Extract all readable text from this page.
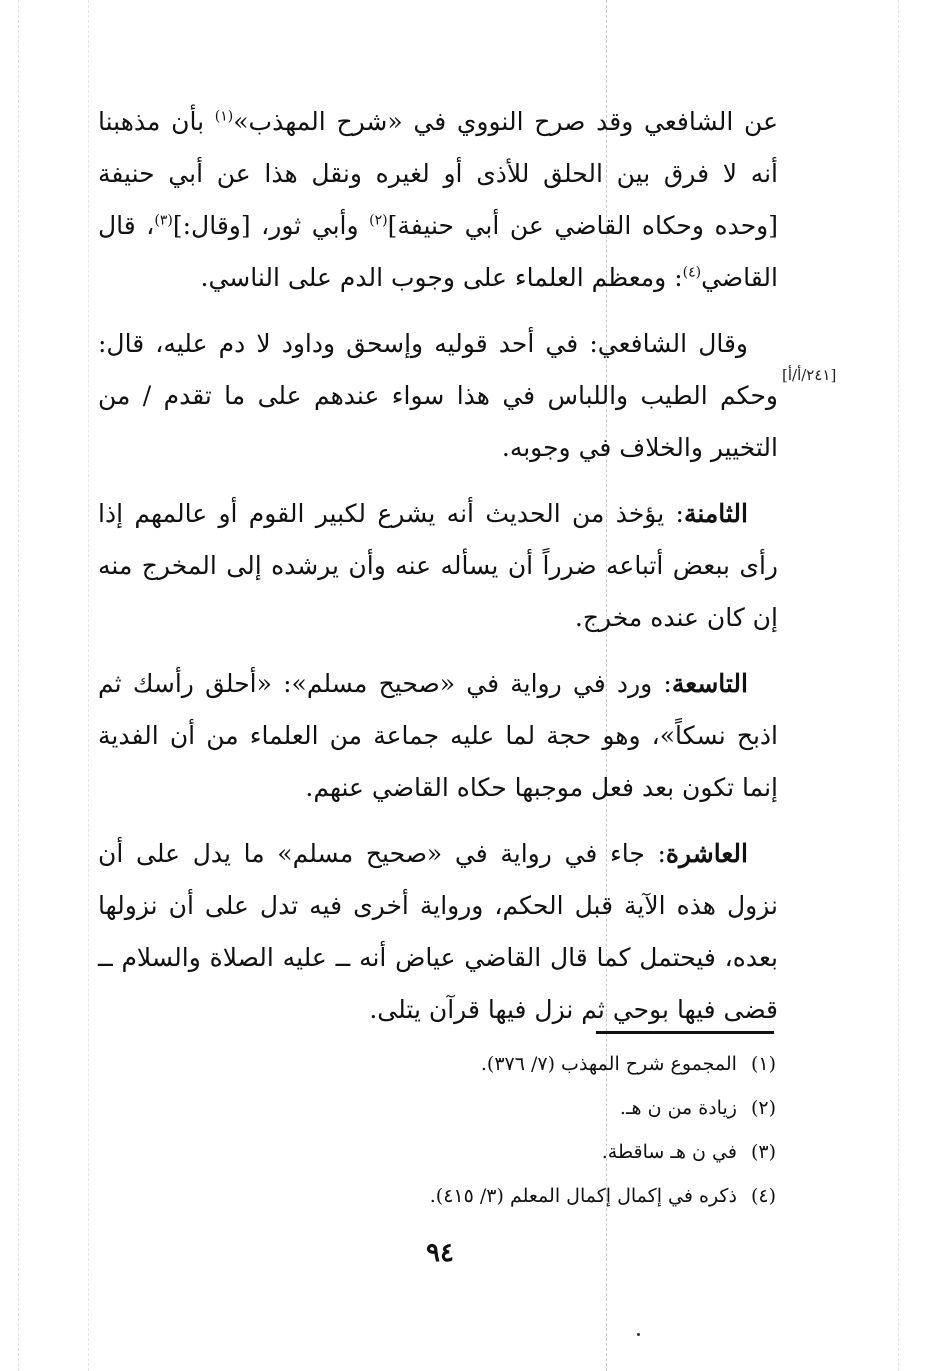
عن الشافعي وقد صرح النووي في «شرح المهذب»$^{(١)}$ بأن مذهبنا أنه لا فرق بين الحلق للأذى أو لغيره ونقل هذا عن أبي حنيفة [وحده وحكاه القاضي عن أبي حنيفة]$^{(٢)}$ وأبي ثور، [وقال:]$^{(٣)}$، قال القاضي$^{(٤)}$: ومعظم العلماء على وجوب الدم على الناسي.

وقال الشافعي: في أحد قوليه وإسحق وداود لا دم عليه، قال: وحكم الطيب واللباس في هذا سواء عندهم على ما تقدم / من التخيير والخلاف في وجوبه.

الثامنة: يؤخذ من الحديث أنه يشرع لكبير القوم أو عالمهم إذا رأى ببعض أتباعه ضرراً أن يسأله عنه وأن يرشده إلى المخرج منه إن كان عنده مخرج.

التاسعة: ورد في رواية في «صحيح مسلم»: «أحلق رأسك ثم اذبح نسكاً»، وهو حجة لما عليه جماعة من العلماء من أن الفدية إنما تكون بعد فعل موجبها حكاه القاضي عنهم.

العاشرة: جاء في رواية في «صحيح مسلم» ما يدل على أن نزول هذه الآية قبل الحكم، ورواية أخرى فيه تدل على أن نزولها بعده، فيحتمل كما قال القاضي عياض أنه ــ عليه الصلاة والسلام ــ قضى فيها بوحي ثم نزل فيها قرآن يتلى.

[٢٤١/أ/أ]
(١)المجموع شرح المهذب (٧/ ٣٧٦).
(٢)زيادة من ن هـ.
(٣)في ن هـ ساقطة.
(٤)ذكره في إكمال إكمال المعلم (٣/ ٤١٥).
٩٤
